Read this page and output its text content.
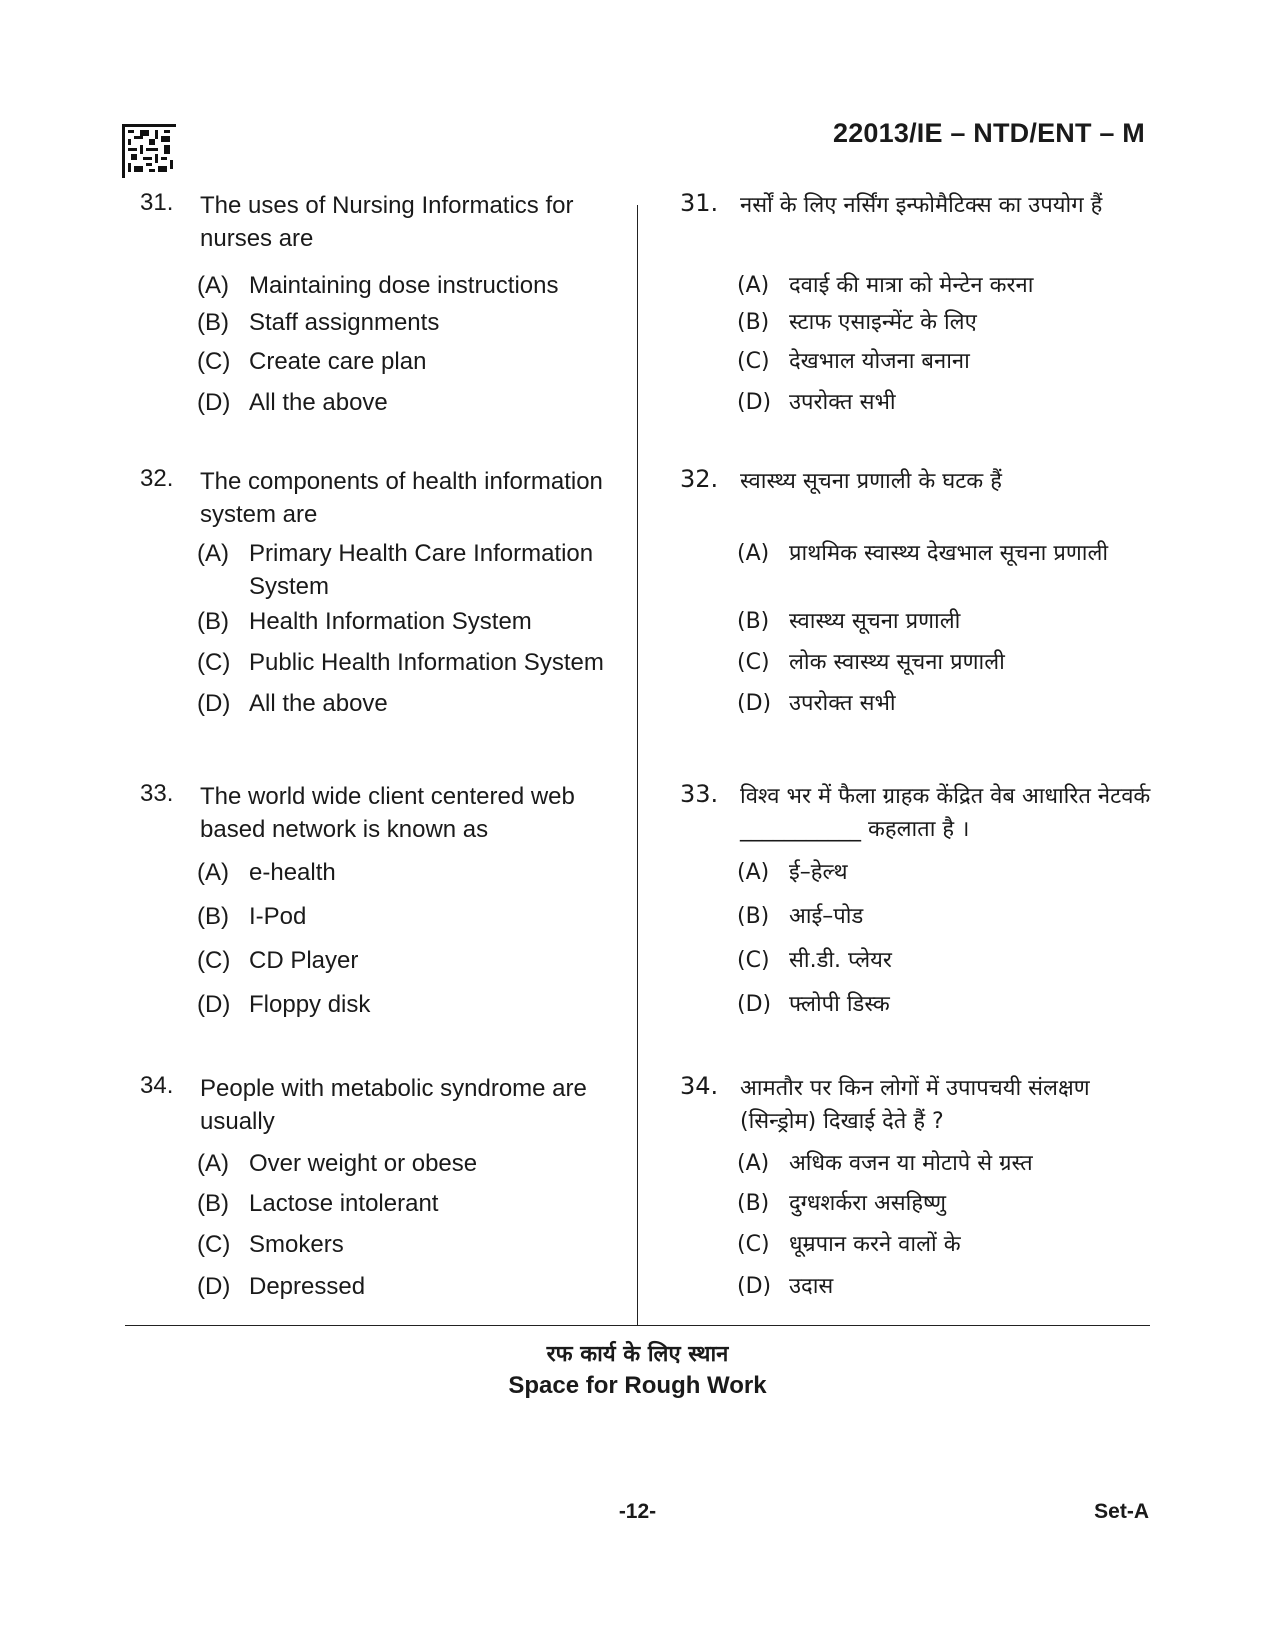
22013/IE – NTD/ENT – M
31. The uses of Nursing Informatics for nurses are
(A) Maintaining dose instructions
(B) Staff assignments
(C) Create care plan
(D) All the above
32. The components of health information system are
(A) Primary Health Care Information System
(B) Health Information System
(C) Public Health Information System
(D) All the above
33. The world wide client centered web based network is known as
(A) e-health
(B) I-Pod
(C) CD Player
(D) Floppy disk
34. People with metabolic syndrome are usually
(A) Over weight or obese
(B) Lactose intolerant
(C) Smokers
(D) Depressed
31. नर्सों के लिए नर्सिंग इन्फोमैटिक्स का उपयोग हैं
(A) दवाई की मात्रा को मेन्टेन करना
(B) स्टाफ एसाइन्मेंट के लिए
(C) देखभाल योजना बनाना
(D) उपरोक्त सभी
32. स्वास्थ्य सूचना प्रणाली के घटक हैं
(A) प्राथमिक स्वास्थ्य देखभाल सूचना प्रणाली
(B) स्वास्थ्य सूचना प्रणाली
(C) लोक स्वास्थ्य सूचना प्रणाली
(D) उपरोक्त सभी
33. विश्व भर में फैला ग्राहक केंद्रित वेब आधारित नेटवर्क ___________ कहलाता है ।
(A) ई–हेल्थ
(B) आई–पोड
(C) सी.डी. प्लेयर
(D) फ्लोपी डिस्क
34. आमतौर पर किन लोगों में उपापचयी संलक्षण (सिन्ड्रोम) दिखाई देते हैं ?
(A) अधिक वजन या मोटापे से ग्रस्त
(B) दुग्धशर्करा असहिष्णु
(C) धूम्रपान करने वालों के
(D) उदास
रफ कार्य के लिए स्थान
Space for Rough Work
-12-	Set-A
